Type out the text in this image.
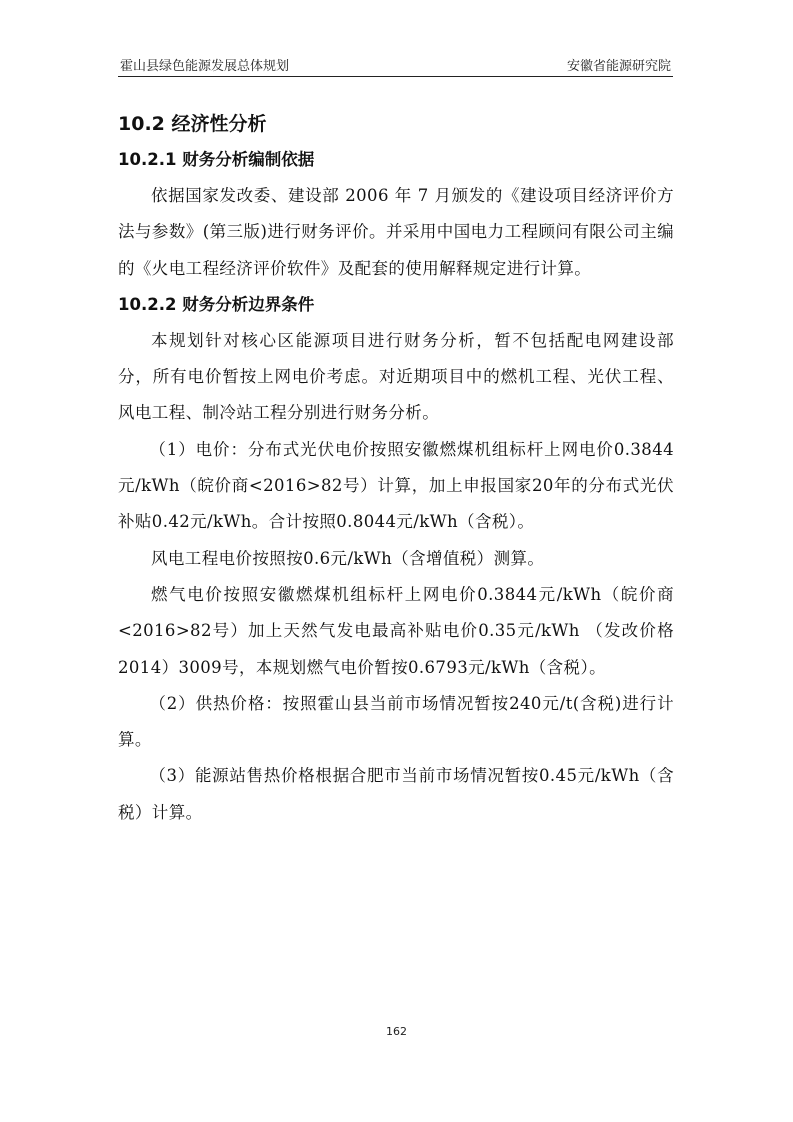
霍山县绿色能源发展总体规划	安徽省能源研究院
10.2 经济性分析
10.2.1 财务分析编制依据

依据国家发改委、建设部 2006 年 7 月颁发的《建设项目经济评价方法与参数》(第三版)进行财务评价。并采用中国电力工程顾问有限公司主编的《火电工程经济评价软件》及配套的使用解释规定进行计算。

10.2.2 财务分析边界条件

本规划针对核心区能源项目进行财务分析，暂不包括配电网建设部分，所有电价暂按上网电价考虑。对近期项目中的燃机工程、光伏工程、风电工程、制冷站工程分别进行财务分析。

（1）电价：分布式光伏电价按照安徽燃煤机组标杆上网电价0.3844元/kWh（皖价商<2016>82号）计算，加上申报国家20年的分布式光伏补贴0.42元/kWh。合计按照0.8044元/kWh（含税）。

风电工程电价按照按0.6元/kWh（含增值税）测算。

燃气电价按照安徽燃煤机组标杆上网电价0.3844元/kWh（皖价商<2016>82号）加上天然气发电最高补贴电价0.35元/kWh （发改价格2014）3009号，本规划燃气电价暂按0.6793元/kWh（含税）。

（2）供热价格：按照霍山县当前市场情况暂按240元/t(含税)进行计算。

（3）能源站售热价格根据合肥市当前市场情况暂按0.45元/kWh（含税）计算。

162
